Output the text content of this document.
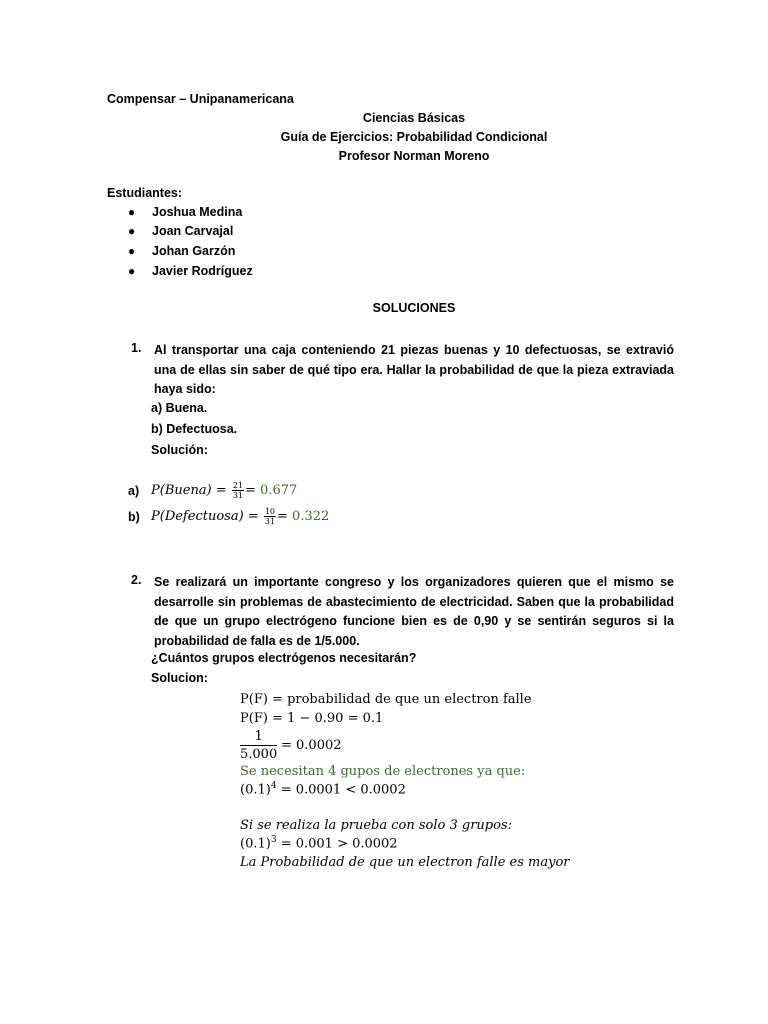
Compensar – Unipanamericana
Ciencias Básicas
Guía de Ejercicios: Probabilidad Condicional
Profesor Norman Moreno
Estudiantes:
● Joshua Medina
● Joan Carvajal
● Johan Garzón
● Javier Rodríguez
SOLUCIONES
1. Al transportar una caja conteniendo 21 piezas buenas y 10 defectuosas, se extravió una de ellas sin saber de qué tipo era. Hallar la probabilidad de que la pieza extraviada haya sido:
a) Buena.
b) Defectuosa.
Solución:
a) P(Buena) = $\frac{21}{31} = 0.677$
b) P(Defectuosa) = $\frac{10}{31} = 0.322$
2. Se realizará un importante congreso y los organizadores quieren que el mismo se desarrolle sin problemas de abastecimiento de electricidad. Saben que la probabilidad de que un grupo electrógeno funcione bien es de 0,90 y se sentirán seguros si la probabilidad de falla es de 1/5.000.
¿Cuántos grupos electrógenos necesitarán?
Solucion:
P(F) = probabilidad de que un electron falle
P(F) = 1 − 0.90 = 0.1
$\frac{1}{5.000} = 0.0002$
Se necesitan 4 gupos de electrones ya que:
$(0.1)^4 = 0.0001 < 0.0002$
Si se realiza la prueba con solo 3 grupos:
$(0.1)^3 = 0.001 > 0.0002$
La Probabilidad de que un electron falle es mayor
